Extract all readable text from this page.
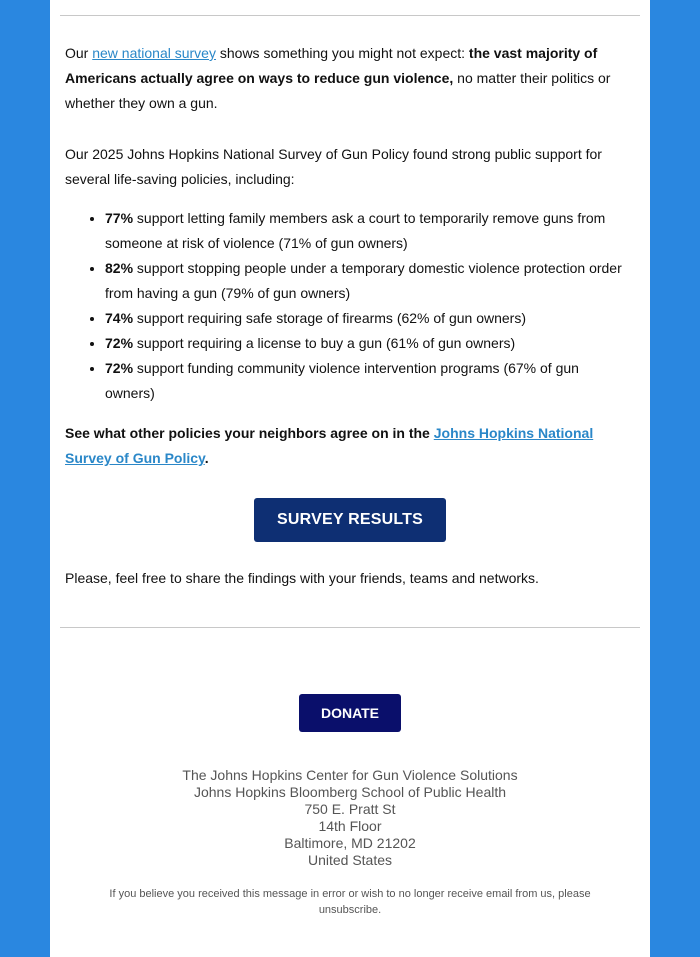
Our new national survey shows something you might not expect: the vast majority of Americans actually agree on ways to reduce gun violence, no matter their politics or whether they own a gun.

Our 2025 Johns Hopkins National Survey of Gun Policy found strong public support for several life-saving policies, including:

• 77% support letting family members ask a court to temporarily remove guns from someone at risk of violence (71% of gun owners)
• 82% support stopping people under a temporary domestic violence protection order from having a gun (79% of gun owners)
• 74% support requiring safe storage of firearms (62% of gun owners)
• 72% support requiring a license to buy a gun (61% of gun owners)
• 72% support funding community violence intervention programs (67% of gun owners)

See what other policies your neighbors agree on in the Johns Hopkins National Survey of Gun Policy.

SURVEY RESULTS

Please, feel free to share the findings with your friends, teams and networks.

DONATE
The Johns Hopkins Center for Gun Violence Solutions
Johns Hopkins Bloomberg School of Public Health
750 E. Pratt St
14th Floor
Baltimore, MD 21202
United States
If you believe you received this message in error or wish to no longer receive email from us, please
unsubscribe.
